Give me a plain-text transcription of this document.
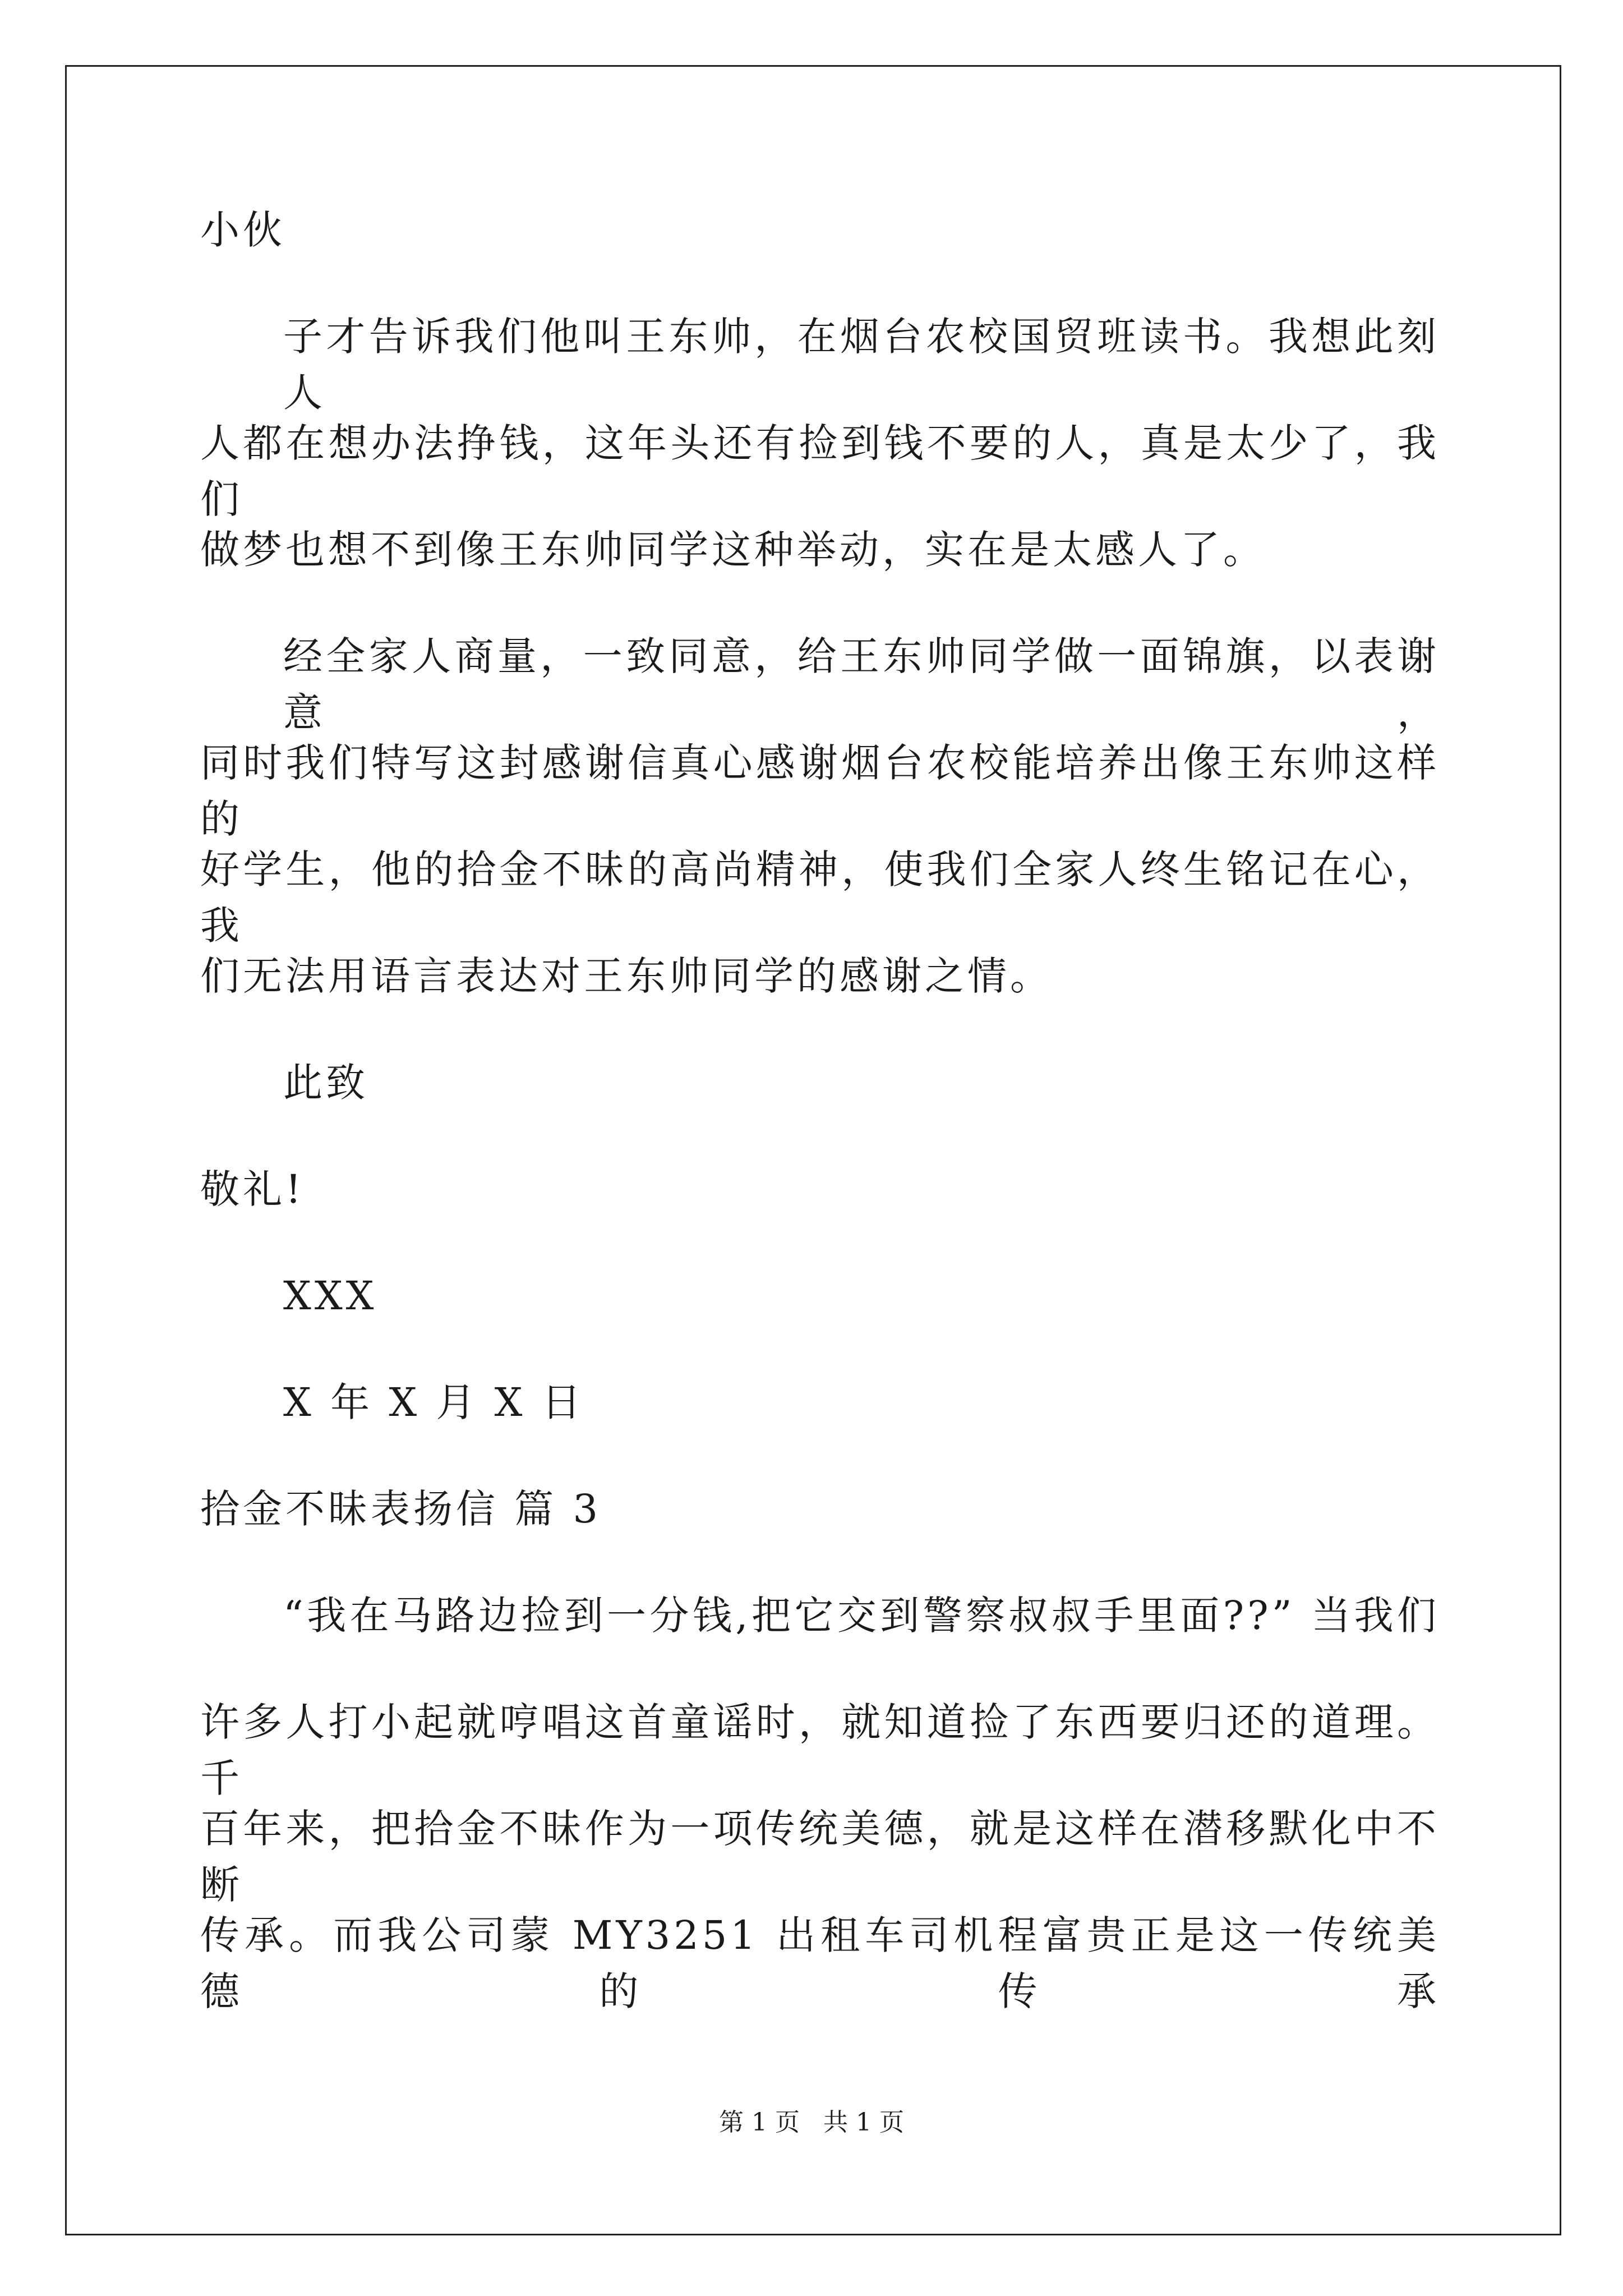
小伙
子才告诉我们他叫王东帅，在烟台农校国贸班读书。我想此刻人
人都在想办法挣钱，这年头还有捡到钱不要的人，真是太少了，我们
做梦也想不到像王东帅同学这种举动，实在是太感人了。
经全家人商量，一致同意，给王东帅同学做一面锦旗，以表谢意，
同时我们特写这封感谢信真心感谢烟台农校能培养出像王东帅这样的
好学生，他的拾金不昧的高尚精神，使我们全家人终生铭记在心，我
们无法用语言表达对王东帅同学的感谢之情。
此致
敬礼!
XXX
X 年 X 月 X 日
拾金不昧表扬信 篇 3
“我在马路边捡到一分钱,把它交到警察叔叔手里面??” 当我们
许多人打小起就哼唱这首童谣时，就知道捡了东西要归还的道理。千
百年来，把拾金不昧作为一项传统美德，就是这样在潜移默化中不断
传承。而我公司蒙 MY3251 出租车司机程富贵正是这一传统美德的传承
第 1 页   共 1 页
